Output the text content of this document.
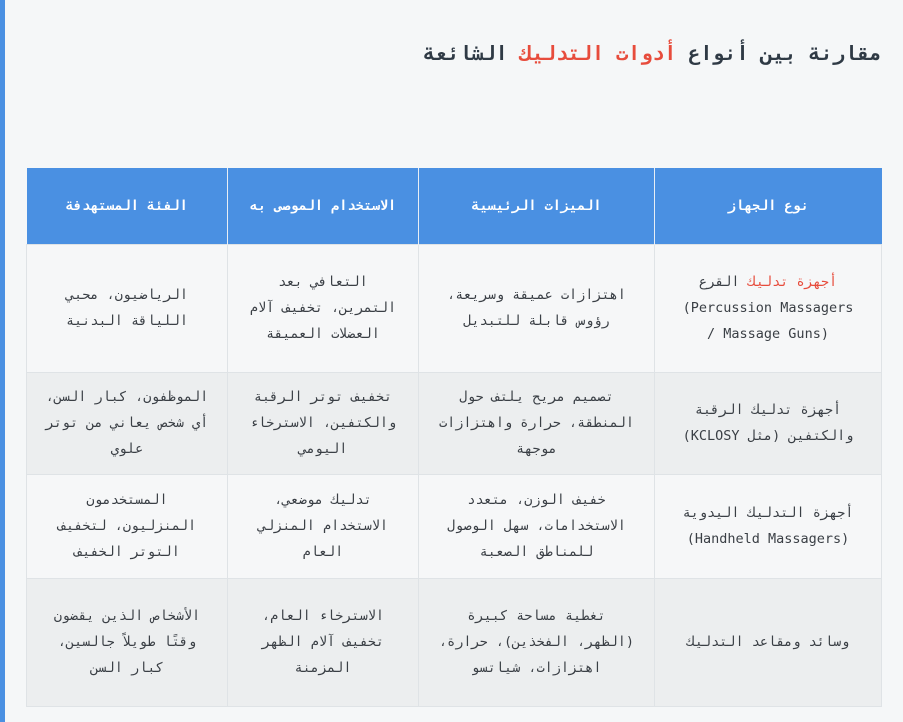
مقارنة بين أنواع أدوات التدليك الشائعة
نوع الجهاز	الميزات الرئيسية	الاستخدام الموصى به	الفئة المستهدفة
أجهزة تدليك القرع
(Percussion Massagers
/ Massage Guns)	اهتزازات عميقة وسريعة، رؤوس قابلة للتبديل	التعافي بعد التمرين، تخفيف آلام العضلات العميقة	الرياضيون، محبي اللياقة البدنية
أجهزة تدليك الرقبة والكتفين (مثل KCLOSY)	تصميم مريح يلتف حول المنطقة، حرارة واهتزازات موجهة	تخفيف توتر الرقبة والكتفين، الاسترخاء اليومي	الموظفون، كبار السن، أي شخص يعاني من توتر علوي
أجهزة التدليك اليدوية (Handheld Massagers)	خفيف الوزن، متعدد الاستخدامات، سهل الوصول للمناطق الصعبة	تدليك موضعي، الاستخدام المنزلي العام	المستخدمون المنزليون، لتخفيف التوتر الخفيف
وسائد ومقاعد التدليك	تغطية مساحة كبيرة (الظهر، الفخذين)، حرارة، اهتزازات، شياتسو	الاسترخاء العام، تخفيف آلام الظهر المزمنة	الأشخاص الذين يقضون وقتًا طويلاً جالسين، كبار السن
